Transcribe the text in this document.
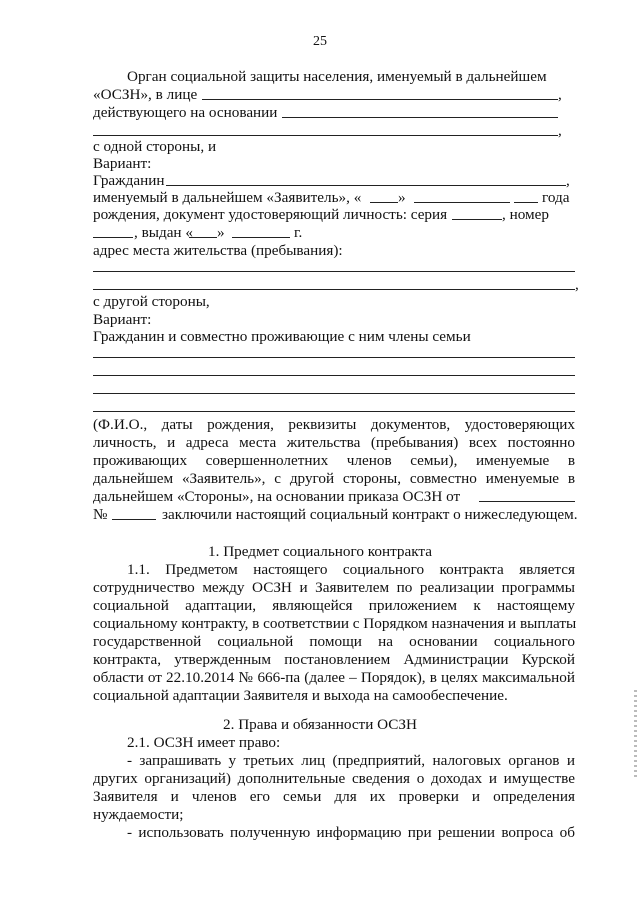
25
Орган социальной защиты населения, именуемый в дальнейшем
«ОСЗН», в лице	,
действующего на основании
,
с одной стороны, и
Вариант:
Гражданин	,
именуемый в дальнейшем «Заявитель», « »	года
рождения, документ удостоверяющий личность: серия	, номер
, выдан « »	г.
адрес места жительства (пребывания):
,
с другой стороны,
Вариант:
Гражданин и совместно проживающие с ним члены семьи
(Ф.И.О., даты рождения, реквизиты документов, удостоверяющих
личность, и адреса места жительства (пребывания) всех постоянно
проживающих совершеннолетних членов семьи), именуемые в
дальнейшем «Заявитель», с другой стороны, совместно именуемые в
дальнейшем «Стороны», на основании приказа ОСЗН от
№	заключили настоящий социальный контракт о нижеследующем.
1. Предмет социального контракта
1.1. Предметом настоящего социального контракта является
сотрудничество между ОСЗН и Заявителем по реализации программы
социальной адаптации, являющейся приложением к настоящему
социальному контракту, в соответствии с Порядком назначения и выплаты
государственной социальной помощи на основании социального
контракта, утвержденным постановлением Администрации Курской
области от 22.10.2014 № 666-па (далее – Порядок), в целях максимальной
социальной адаптации Заявителя и выхода на самообеспечение.
2. Права и обязанности ОСЗН
2.1. ОСЗН имеет право:
- запрашивать у третьих лиц (предприятий, налоговых органов и
других организаций) дополнительные сведения о доходах и имуществе
Заявителя и членов его семьи для их проверки и определения
нуждаемости;
- использовать полученную информацию при решении вопроса об
